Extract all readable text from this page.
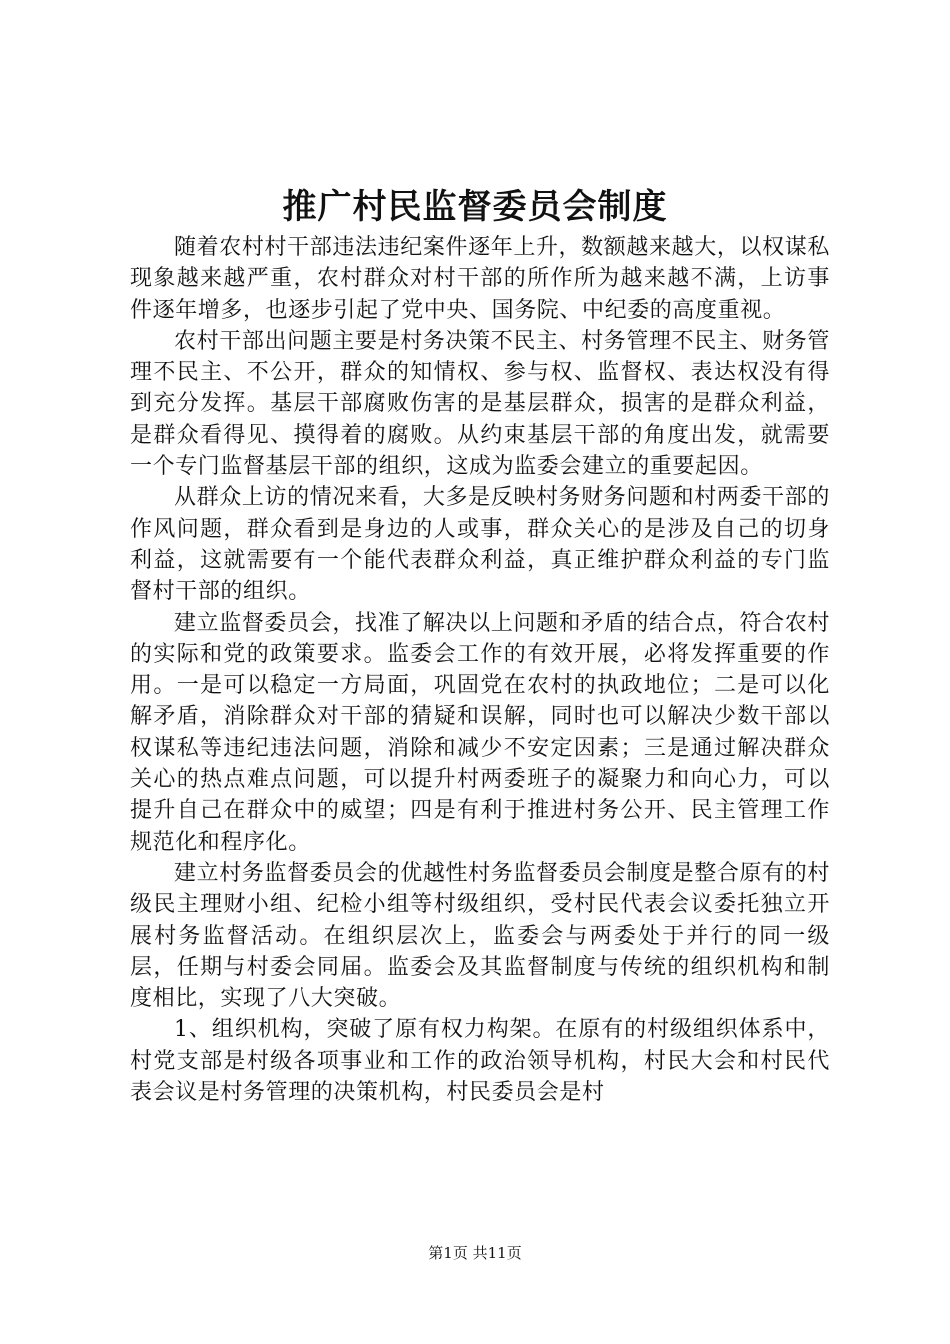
推广村民监督委员会制度

随着农村村干部违法违纪案件逐年上升，数额越来越大，以权谋私现象越来越严重，农村群众对村干部的所作所为越来越不满，上访事件逐年增多，也逐步引起了党中央、国务院、中纪委的高度重视。

农村干部出问题主要是村务决策不民主、村务管理不民主、财务管理不民主、不公开，群众的知情权、参与权、监督权、表达权没有得到充分发挥。基层干部腐败伤害的是基层群众，损害的是群众利益，是群众看得见、摸得着的腐败。从约束基层干部的角度出发，就需要一个专门监督基层干部的组织，这成为监委会建立的重要起因。

从群众上访的情况来看，大多是反映村务财务问题和村两委干部的作风问题，群众看到是身边的人或事，群众关心的是涉及自己的切身利益，这就需要有一个能代表群众利益，真正维护群众利益的专门监督村干部的组织。

建立监督委员会，找准了解决以上问题和矛盾的结合点，符合农村的实际和党的政策要求。监委会工作的有效开展，必将发挥重要的作用。一是可以稳定一方局面，巩固党在农村的执政地位；二是可以化解矛盾，消除群众对干部的猜疑和误解，同时也可以解决少数干部以权谋私等违纪违法问题，消除和减少不安定因素；三是通过解决群众关心的热点难点问题，可以提升村两委班子的凝聚力和向心力，可以提升自己在群众中的威望；四是有利于推进村务公开、民主管理工作规范化和程序化。

建立村务监督委员会的优越性村务监督委员会制度是整合原有的村级民主理财小组、纪检小组等村级组织，受村民代表会议委托独立开展村务监督活动。在组织层次上，监委会与两委处于并行的同一级层，任期与村委会同届。监委会及其监督制度与传统的组织机构和制度相比，实现了八大突破。

1、组织机构，突破了原有权力构架。在原有的村级组织体系中，村党支部是村级各项事业和工作的政治领导机构，村民大会和村民代表会议是村务管理的决策机构，村民委员会是村

第1页 共11页
